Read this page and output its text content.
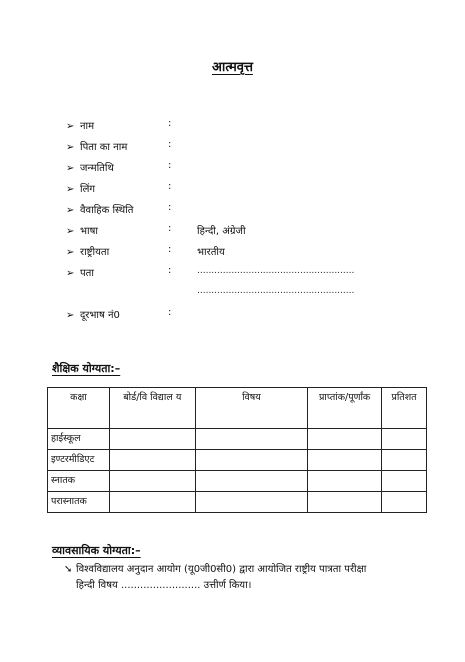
आत्मवृत्त
➢ नाम	:
➢ पिता का नाम	:
➢ जन्मतिथि	:
➢ लिंग	:
➢ वैवाहिक स्थिति	:
➢ भाषा	:	हिन्दी, अंग्रेजी
➢ राष्ट्रीयता	:	भारतीय
➢ पता	:	.......................................................
.......................................................
➢ दूरभाष नं0	:
शैक्षिक योग्यता:–
कक्षा	बोर्ड/वि विद्याल य	विषय	प्राप्तांक/पूर्णांक	प्रतिशत
हाईस्कूल				
इण्टरमीडिएट				
स्नातक				
परास्नातक				
व्यावसायिक योग्यता:–
➘ विश्वविद्यालय अनुदान आयोग (यू0जी0सी0) द्वारा आयोजित राष्ट्रीय पात्रता परीक्षा
हिन्दी विषय ......................... उत्तीर्ण किया।
